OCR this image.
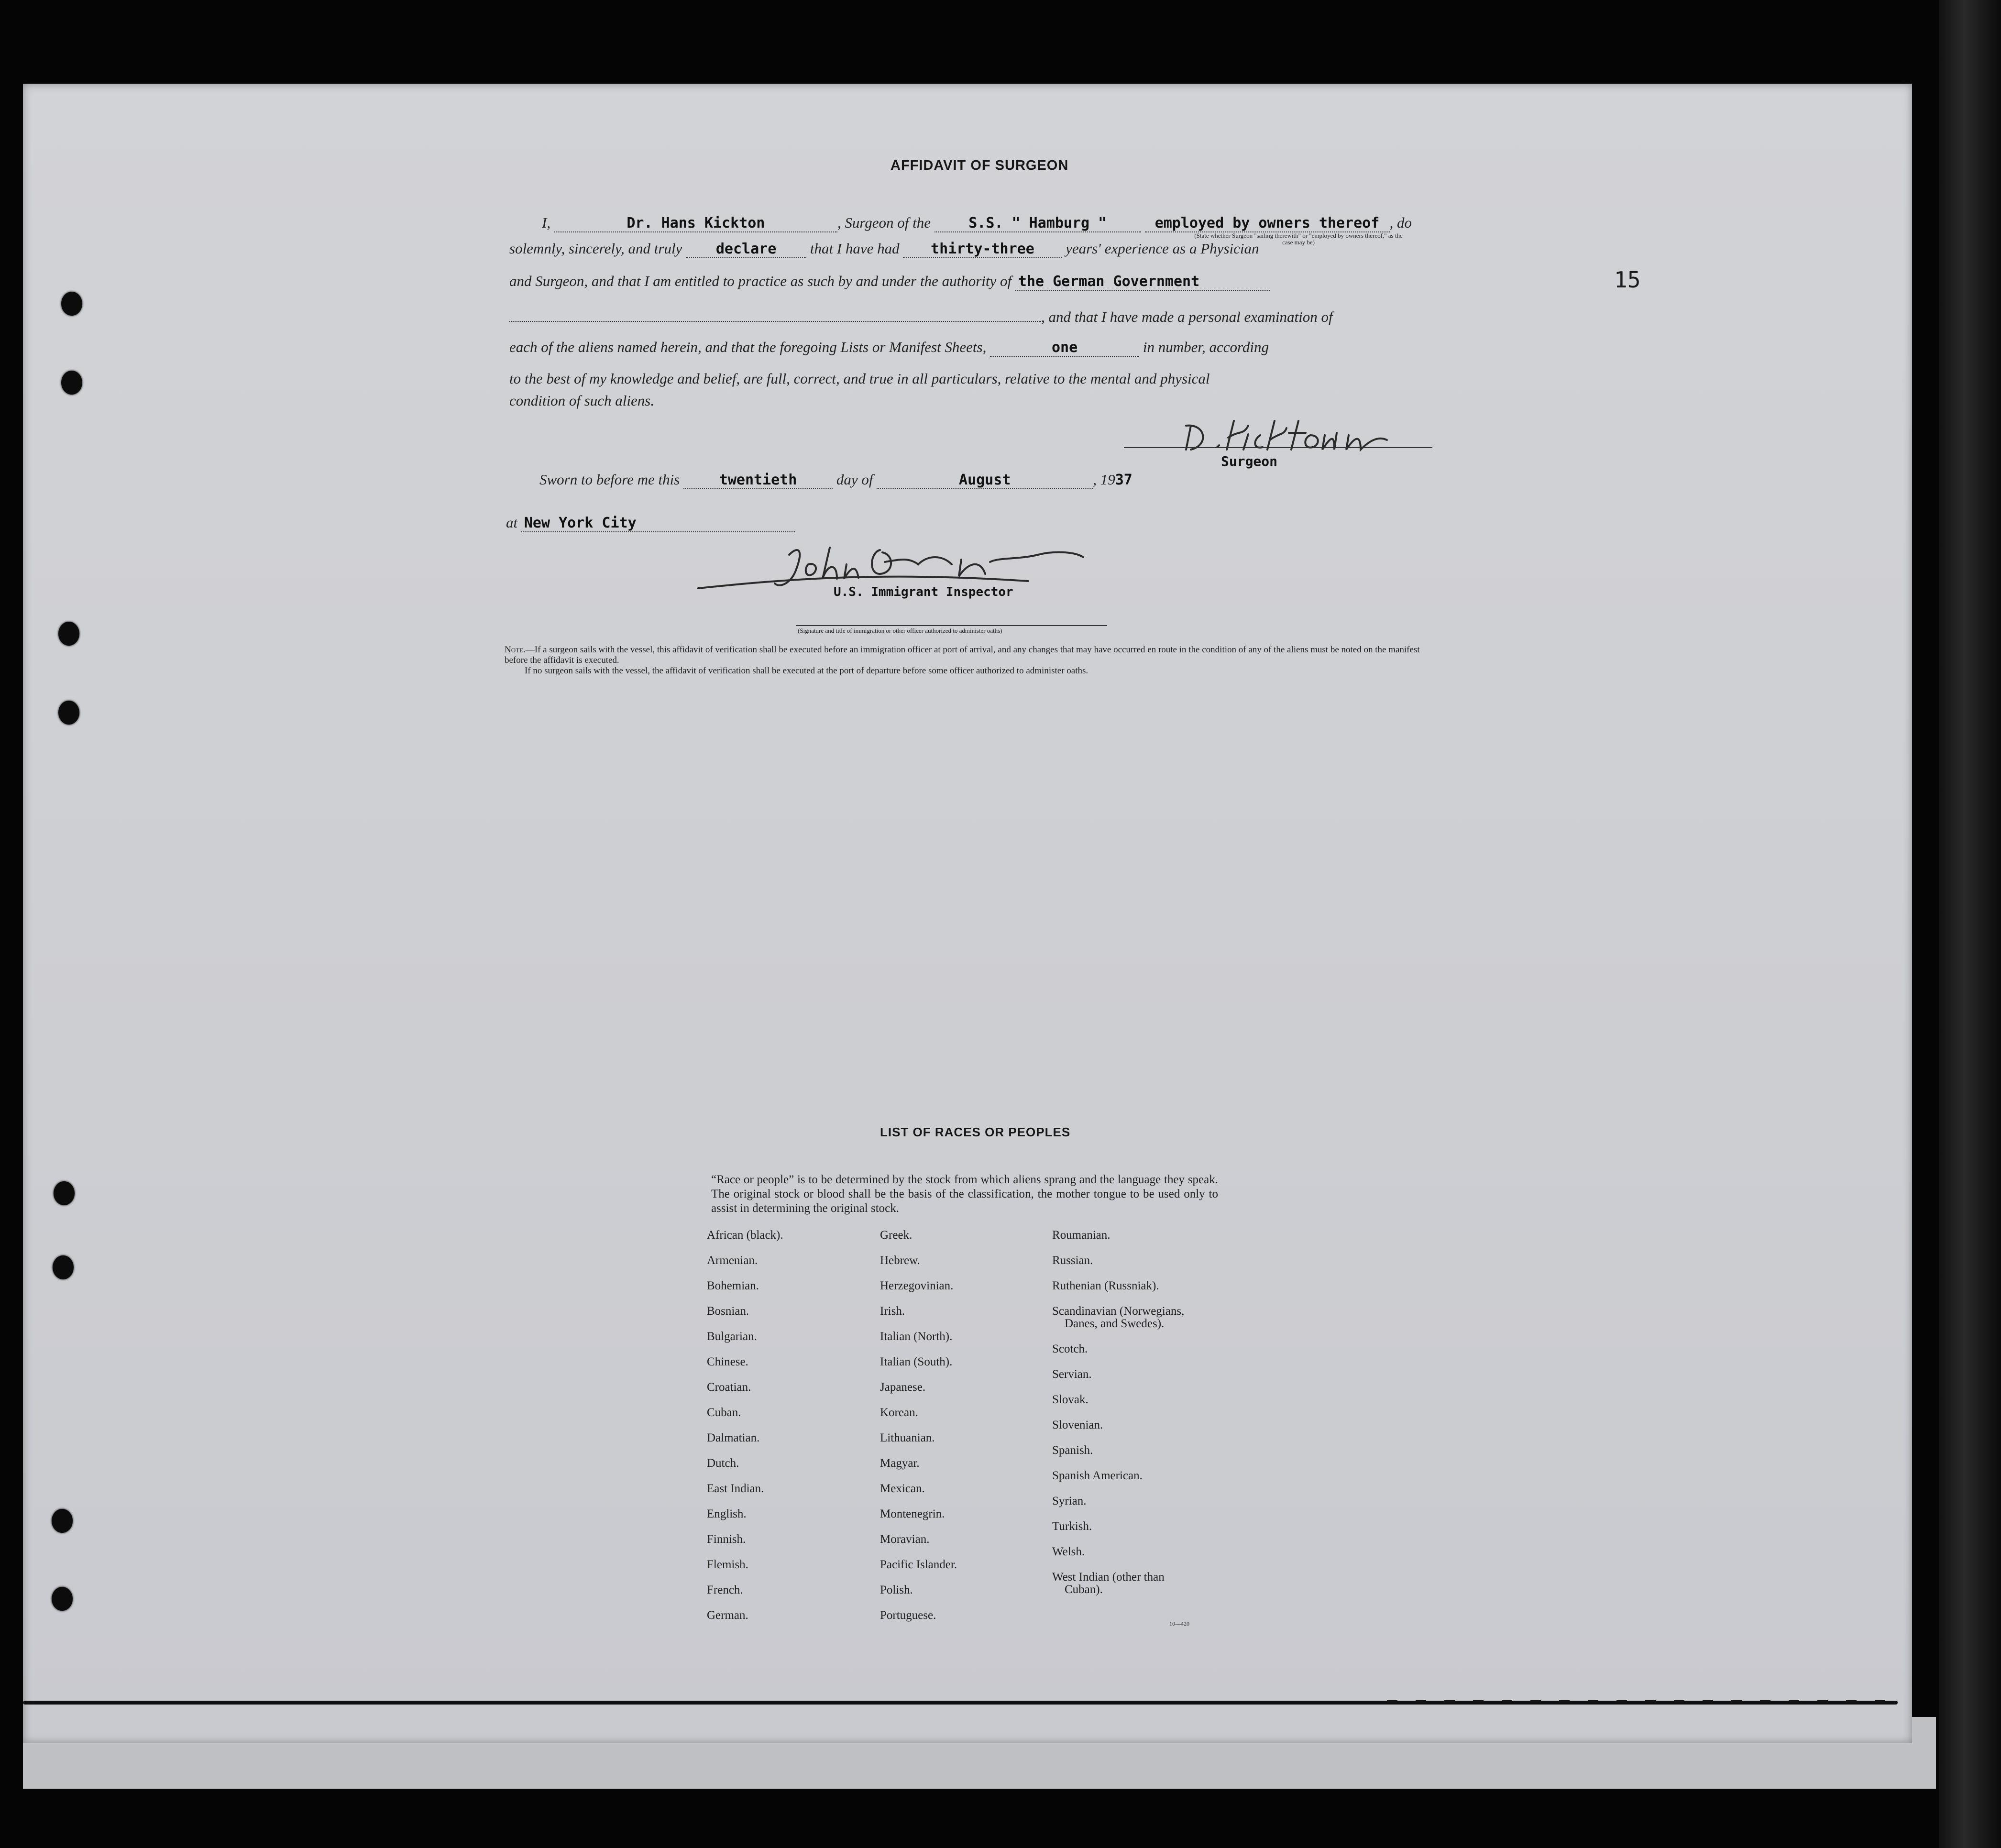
15
AFFIDAVIT OF SURGEON
I,	Dr. Hans Kickton	, Surgeon of the	S.S. " Hamburg "	employed by owners thereof , do
(State whether Surgeon "sailing therewith" or "employed by owners thereof," as the case may be)
solemnly, sincerely, and truly declare that I have had thirty-three years' experience as a Physician
and Surgeon, and that I am entitled to practice as such by and under the authority of the German Government
, and that I have made a personal examination of
each of the aliens named herein, and that the foregoing Lists or Manifest Sheets,	one	in number, according
to the best of my knowledge and belief, are full, correct, and true in all particulars, relative to the mental and physical
condition of such aliens.
Surgeon
Sworn to before me this	twentieth	day of	August	, 1937
at New York City
U.S. Immigrant Inspector
(Signature and title of immigration or other officer authorized to administer oaths)
Note.—If a surgeon sails with the vessel, this affidavit of verification shall be executed before an immigration officer at port of arrival, and any changes that may have occurred en route in the condition of any of the aliens must be noted on the manifest before the affidavit is executed.
If no surgeon sails with the vessel, the affidavit of verification shall be executed at the port of departure before some officer authorized to administer oaths.
LIST OF RACES OR PEOPLES
“Race or people” is to be determined by the stock from which aliens sprang and the language they speak. The original stock or blood shall be the basis of the classification, the mother tongue to be used only to assist in determining the original stock.
African (black).
Armenian.
Bohemian.
Bosnian.
Bulgarian.
Chinese.
Croatian.
Cuban.
Dalmatian.
Dutch.
East Indian.
English.
Finnish.
Flemish.
French.
German.
Greek.
Hebrew.
Herzegovinian.
Irish.
Italian (North).
Italian (South).
Japanese.
Korean.
Lithuanian.
Magyar.
Mexican.
Montenegrin.
Moravian.
Pacific Islander.
Polish.
Portuguese.
Roumanian.
Russian.
Ruthenian (Russniak).
Scandinavian (Norwegians,
Danes, and Swedes).
Scotch.
Servian.
Slovak.
Slovenian.
Spanish.
Spanish American.
Syrian.
Turkish.
Welsh.
West Indian (other than
Cuban).
10—420
